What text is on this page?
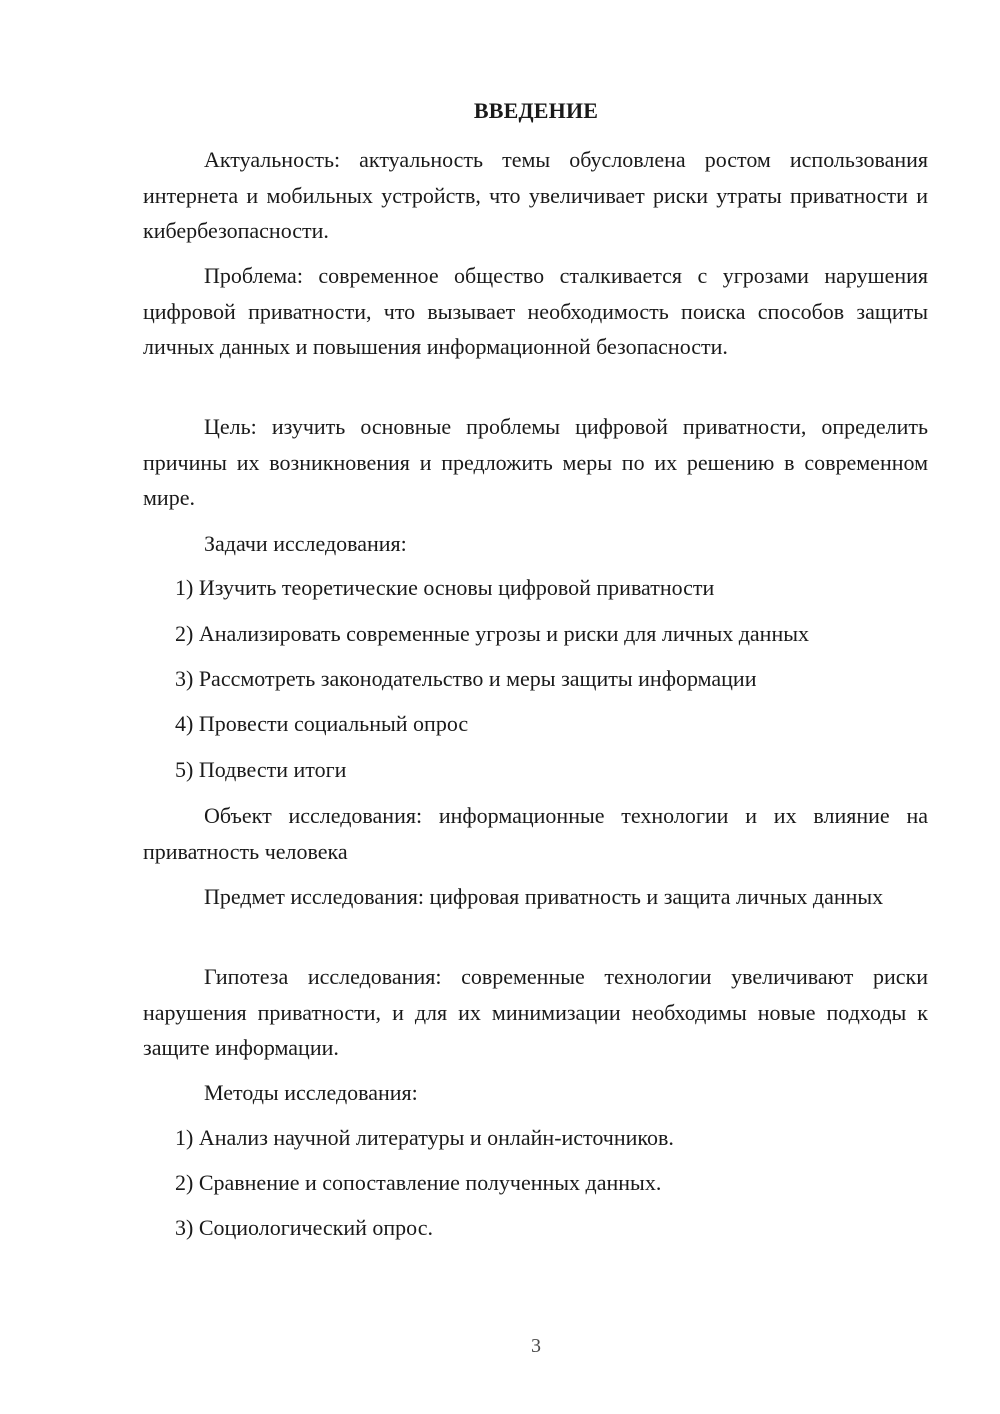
ВВЕДЕНИЕ

Актуальность: актуальность темы обусловлена ростом использования интернета и мобильных устройств, что увеличивает риски утраты приватности и кибербезопасности.

Проблема: современное общество сталкивается с угрозами нарушения цифровой приватности, что вызывает необходимость поиска способов защиты личных данных и повышения информационной безопасности.

Цель: изучить основные проблемы цифровой приватности, определить причины их возникновения и предложить меры по их решению в современном мире.

Задачи исследования:
1) Изучить теоретические основы цифровой приватности
2) Анализировать современные угрозы и риски для личных данных
3) Рассмотреть законодательство и меры защиты информации
4) Провести социальный опрос
5) Подвести итоги

Объект исследования: информационные технологии и их влияние на приватность человека

Предмет исследования: цифровая приватность и защита личных данных

Гипотеза исследования: современные технологии увеличивают риски нарушения приватности, и для их минимизации необходимы новые подходы к защите информации.

Методы исследования:
1) Анализ научной литературы и онлайн-источников.
2) Сравнение и сопоставление полученных данных.
3) Социологический опрос.
3
